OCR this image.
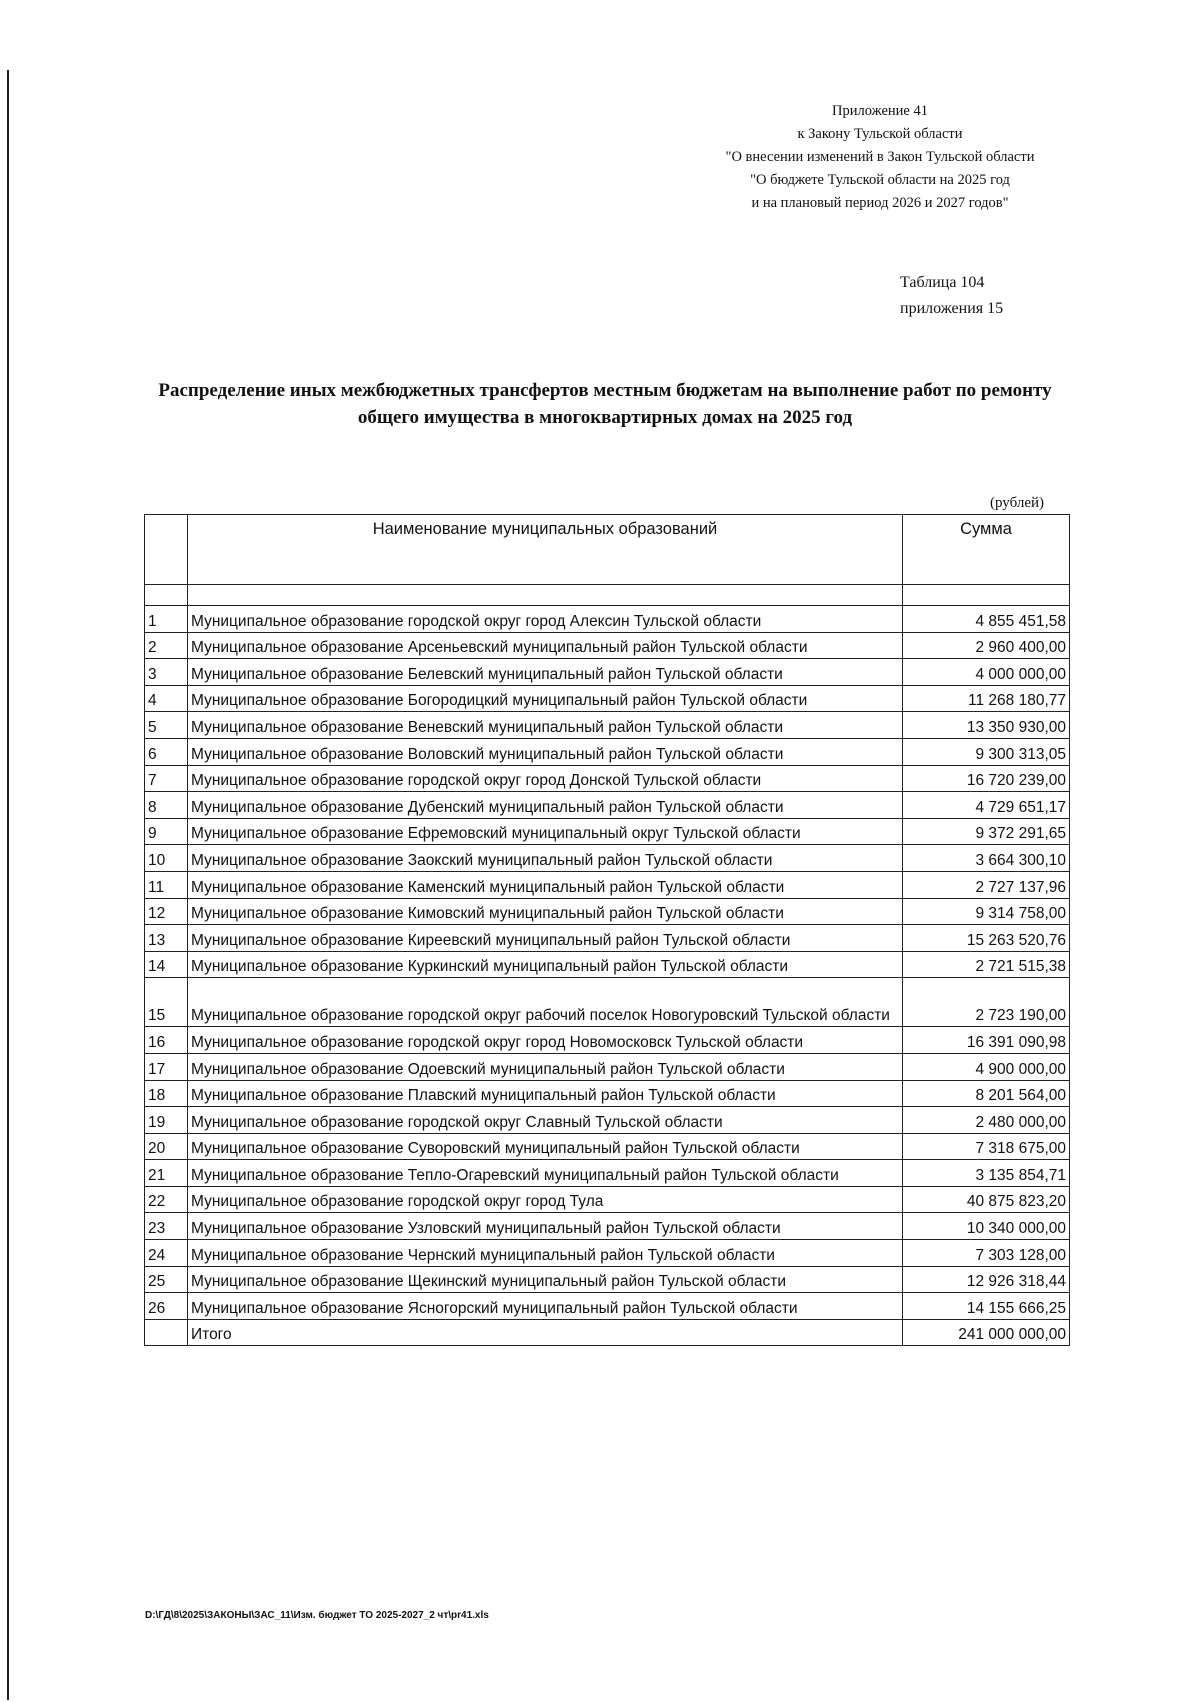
Приложение 41
к Закону Тульской области
"О внесении изменений в Закон Тульской области
"О бюджете Тульской области на 2025 год
и на плановый период 2026 и 2027 годов"
Таблица 104
приложения 15
Распределение иных межбюджетных трансфертов местным бюджетам на выполнение работ по ремонту общего имущества в многоквартирных домах на 2025 год
(рублей)
	Наименование муниципальных образований	Сумма

1	Муниципальное образование городской округ город Алексин Тульской области	4 855 451,58
2	Муниципальное образование Арсеньевский муниципальный район Тульской области	2 960 400,00
3	Муниципальное образование Белевский муниципальный район Тульской области	4 000 000,00
4	Муниципальное образование Богородицкий муниципальный район Тульской области	11 268 180,77
5	Муниципальное образование Веневский муниципальный район Тульской области	13 350 930,00
6	Муниципальное образование Воловский муниципальный район Тульской области	9 300 313,05
7	Муниципальное образование городской округ город Донской Тульской области	16 720 239,00
8	Муниципальное образование Дубенский муниципальный район Тульской области	4 729 651,17
9	Муниципальное образование Ефремовский муниципальный округ Тульской области	9 372 291,65
10	Муниципальное образование Заокский муниципальный район Тульской области	3 664 300,10
11	Муниципальное образование Каменский муниципальный район Тульской области	2 727 137,96
12	Муниципальное образование Кимовский муниципальный район Тульской области	9 314 758,00
13	Муниципальное образование Киреевский муниципальный район Тульской области	15 263 520,76
14	Муниципальное образование Куркинский муниципальный район Тульской области	2 721 515,38
15	Муниципальное образование городской округ рабочий поселок Новогуровский Тульской области	2 723 190,00
16	Муниципальное образование городской округ город Новомосковск Тульской области	16 391 090,98
17	Муниципальное образование Одоевский муниципальный район Тульской области	4 900 000,00
18	Муниципальное образование Плавский муниципальный район Тульской области	8 201 564,00
19	Муниципальное образование городской округ Славный Тульской области	2 480 000,00
20	Муниципальное образование Суворовский муниципальный район Тульской области	7 318 675,00
21	Муниципальное образование Тепло-Огаревский муниципальный район Тульской области	3 135 854,71
22	Муниципальное образование городской округ город Тула	40 875 823,20
23	Муниципальное образование Узловский муниципальный район Тульской области	10 340 000,00
24	Муниципальное образование Чернский муниципальный район Тульской области	7 303 128,00
25	Муниципальное образование Щекинский муниципальный район Тульской области	12 926 318,44
26	Муниципальное образование Ясногорский муниципальный район Тульской области	14 155 666,25
	Итого	241 000 000,00
D:\ГД\8\2025\ЗАКОНЫ\ЗАС_11\Изм. бюджет ТО 2025-2027_2 чт\pr41.xls
